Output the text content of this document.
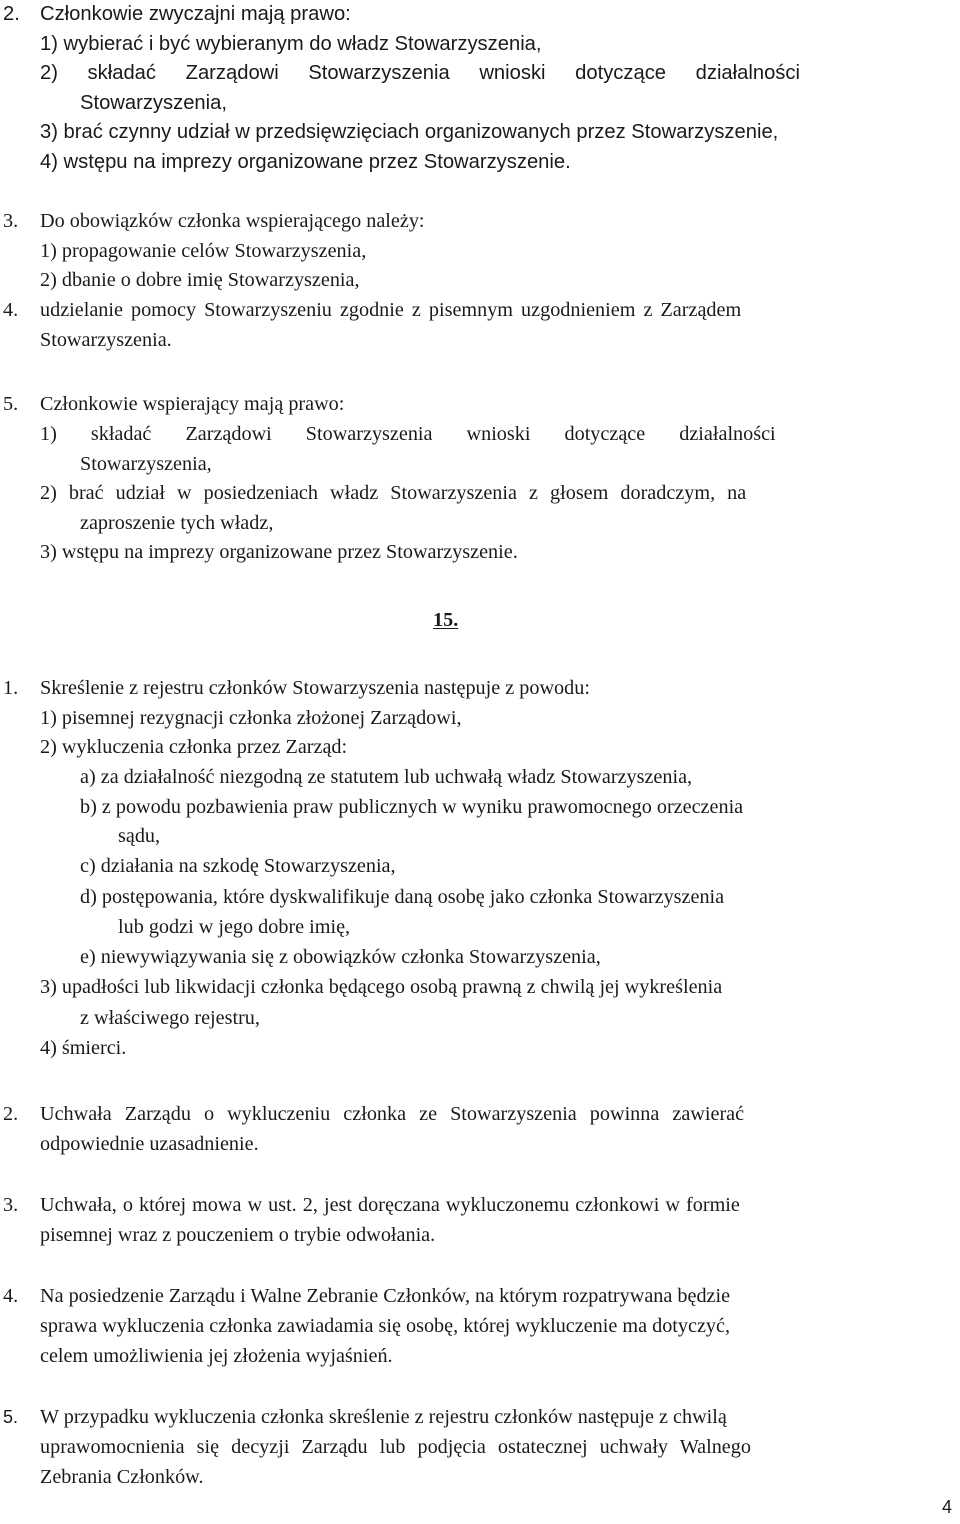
2. Członkowie zwyczajni mają prawo:
1) wybierać i być wybieranym do władz Stowarzyszenia,
2) składać Zarządowi Stowarzyszenia wnioski dotyczące działalności
Stowarzyszenia,
3) brać czynny udział w przedsięwzięciach organizowanych przez Stowarzyszenie,
4) wstępu na imprezy organizowane przez Stowarzyszenie.
3. Do obowiązków członka wspierającego należy:
1) propagowanie celów Stowarzyszenia,
2) dbanie o dobre imię Stowarzyszenia,
4. udzielanie pomocy Stowarzyszeniu zgodnie z pisemnym uzgodnieniem z Zarządem
Stowarzyszenia.
5. Członkowie wspierający mają prawo:
1) składać Zarządowi Stowarzyszenia wnioski dotyczące działalności
Stowarzyszenia,
2) brać udział w posiedzeniach władz Stowarzyszenia z głosem doradczym, na
zaproszenie tych władz,
3) wstępu na imprezy organizowane przez Stowarzyszenie.
15.
1. Skreślenie z rejestru członków Stowarzyszenia następuje z powodu:
1) pisemnej rezygnacji członka złożonej Zarządowi,
2) wykluczenia członka przez Zarząd:
a) za działalność niezgodną ze statutem lub uchwałą władz Stowarzyszenia,
b) z powodu pozbawienia praw publicznych w wyniku prawomocnego orzeczenia
sądu,
c) działania na szkodę Stowarzyszenia,
d) postępowania, które dyskwalifikuje daną osobę jako członka Stowarzyszenia
lub godzi w jego dobre imię,
e) niewywiązywania się z obowiązków członka Stowarzyszenia,
3) upadłości lub likwidacji członka będącego osobą prawną z chwilą jej wykreślenia
z właściwego rejestru,
4) śmierci.
2. Uchwała Zarządu o wykluczeniu członka ze Stowarzyszenia powinna zawierać
odpowiednie uzasadnienie.
3. Uchwała, o której mowa w ust. 2, jest doręczana wykluczonemu członkowi w formie
pisemnej wraz z pouczeniem o trybie odwołania.
4. Na posiedzenie Zarządu i Walne Zebranie Członków, na którym rozpatrywana będzie
sprawa wykluczenia członka zawiadamia się osobę, której wykluczenie ma dotyczyć,
celem umożliwienia jej złożenia wyjaśnień.
5. W przypadku wykluczenia członka skreślenie z rejestru członków następuje z chwilą
uprawomocnienia się decyzji Zarządu lub podjęcia ostatecznej uchwały Walnego
Zebrania Członków.
4
